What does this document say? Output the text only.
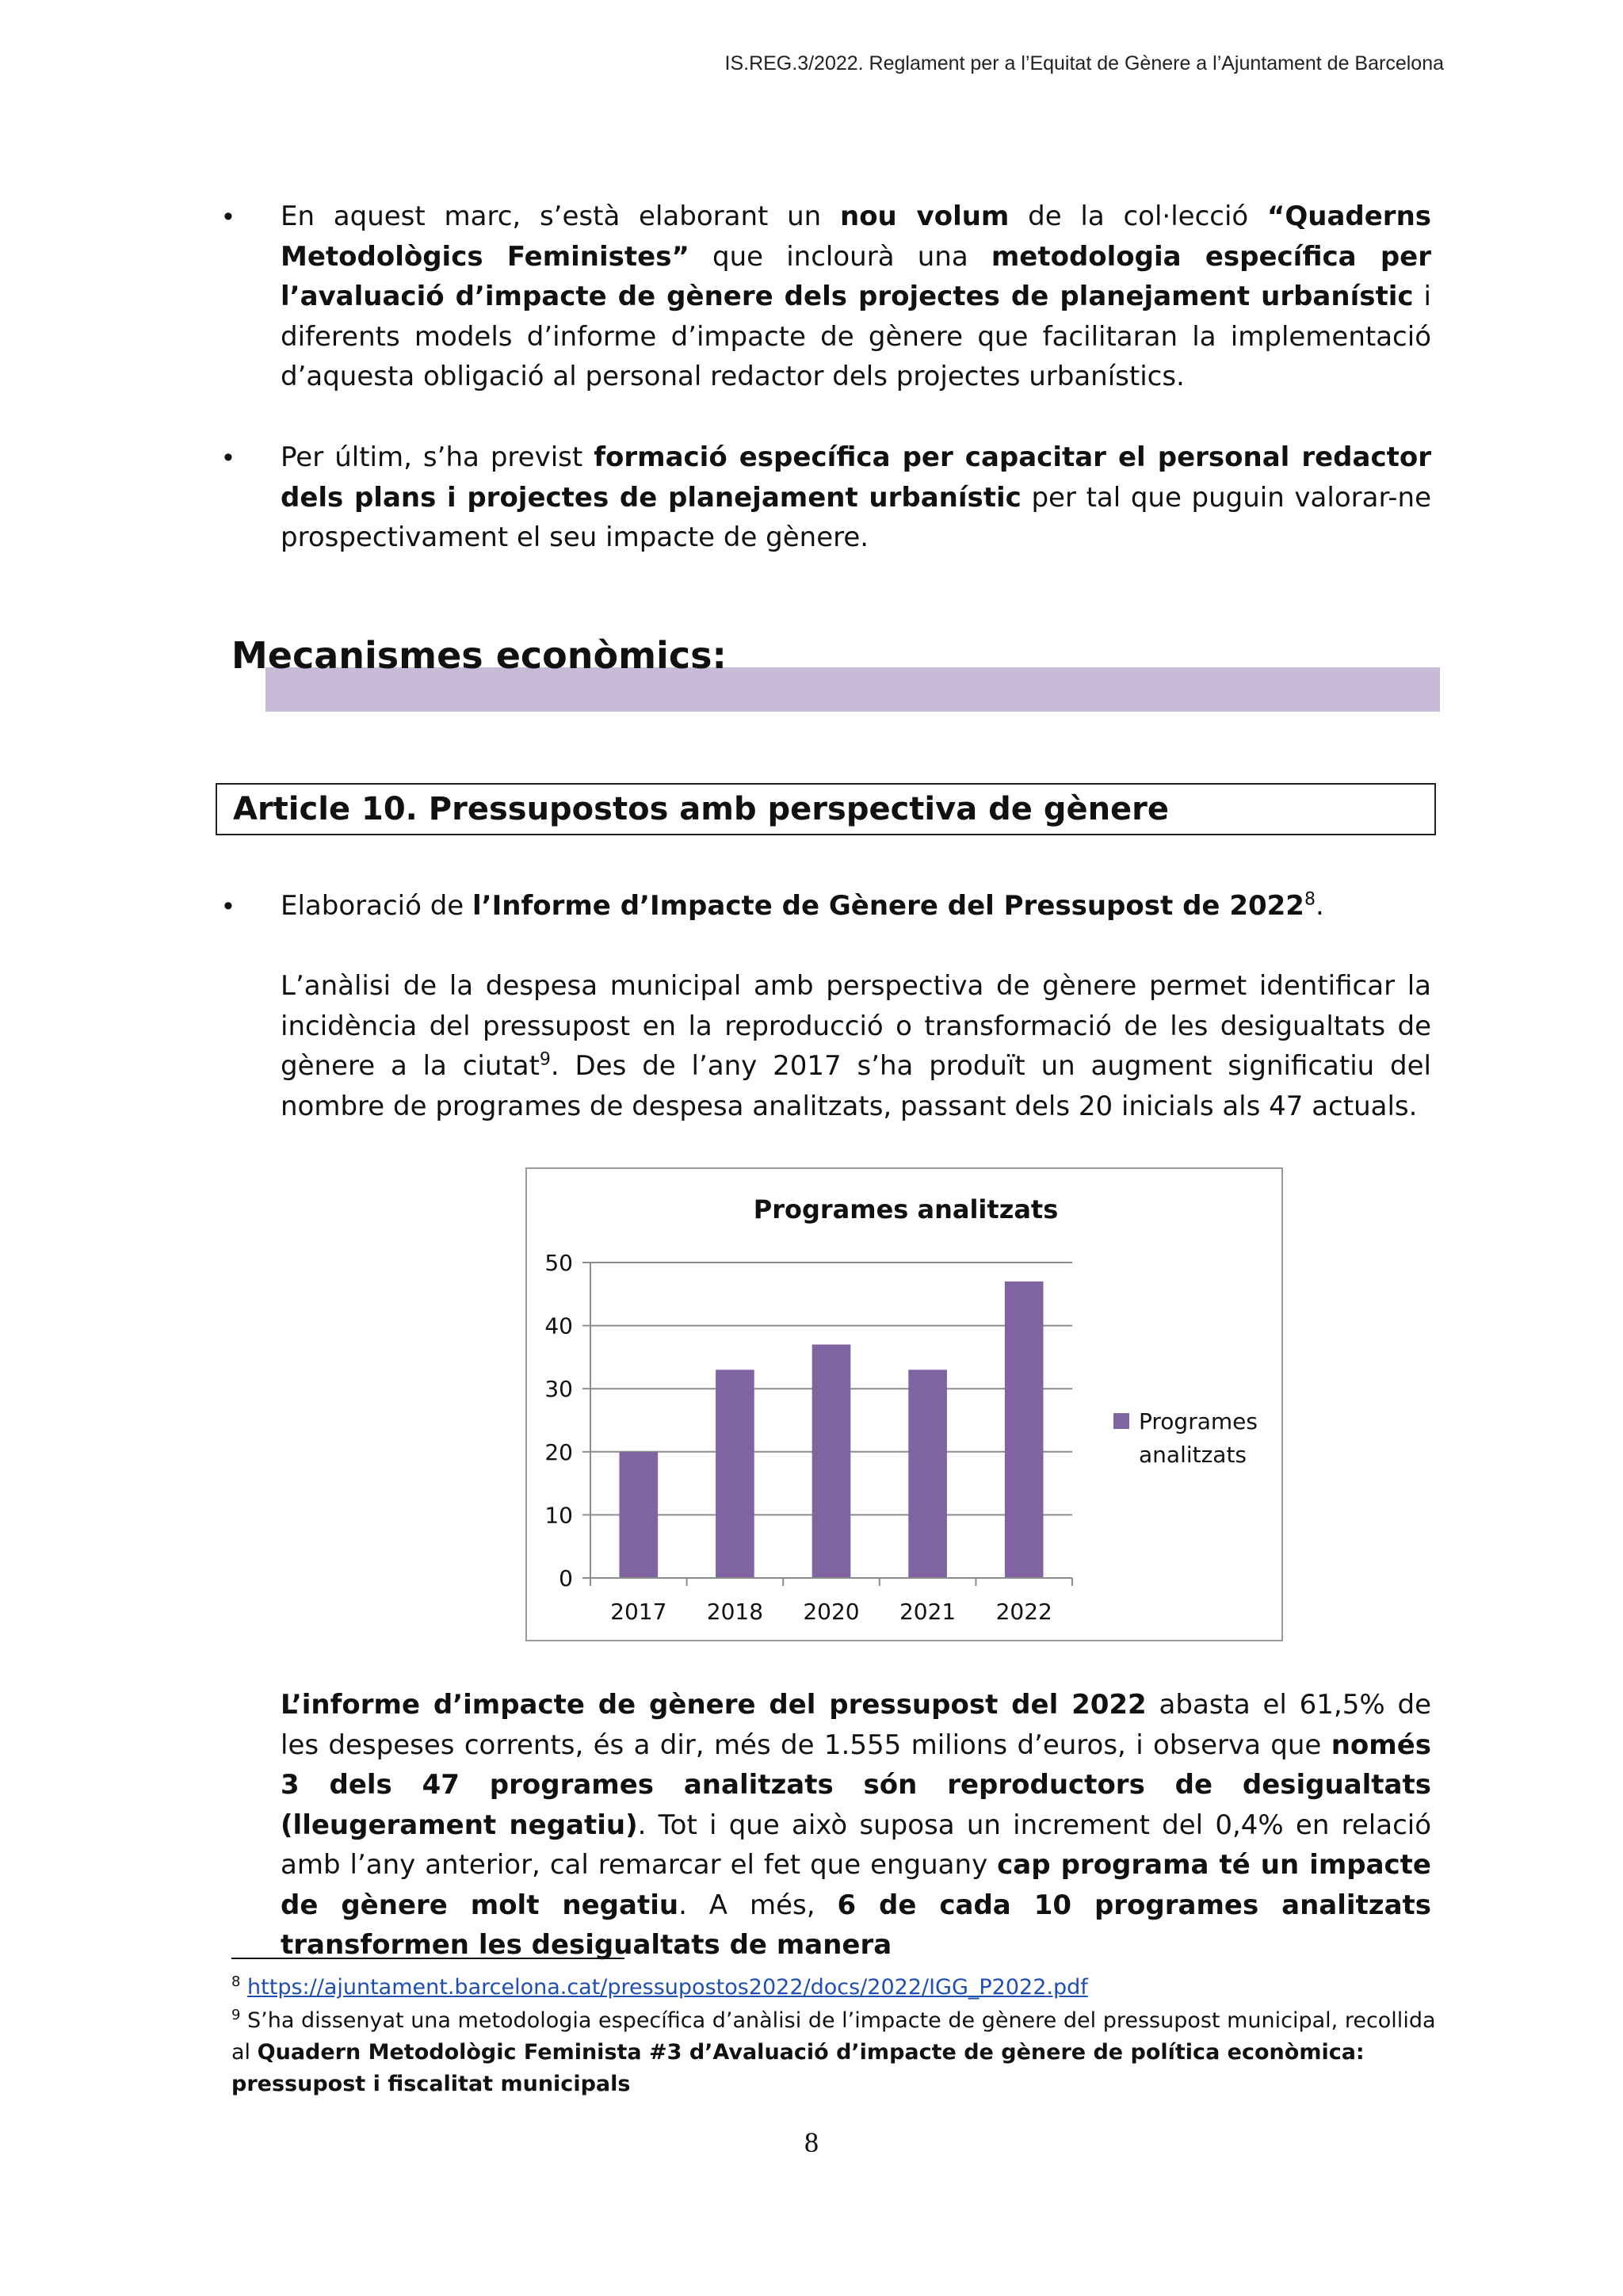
IS.REG.3/2022. Reglament per a l’Equitat de Gènere a l’Ajuntament de Barcelona
• En aquest marc, s’està elaborant un nou volum de la col·lecció “Quaderns Metodològics Feministes” que inclourà una metodologia específica per l’avaluació d’impacte de gènere dels projectes de planejament urbanístic i diferents models d’informe d’impacte de gènere que facilitaran la implementació d’aquesta obligació al personal redactor dels projectes urbanístics.
• Per últim, s’ha previst formació específica per capacitar el personal redactor dels plans i projectes de planejament urbanístic per tal que puguin valorar-ne prospectivament el seu impacte de gènere.
Mecanismes econòmics:
Article 10. Pressupostos amb perspectiva de gènere
• Elaboració de l’Informe d’Impacte de Gènere del Pressupost de 2022$^8$.
L’anàlisi de la despesa municipal amb perspectiva de gènere permet identificar la incidència del pressupost en la reproducció o transformació de les desigualtats de gènere a la ciutat$^9$. Des de l’any 2017 s’ha produït un augment significatiu del nombre de programes de despesa analitzats, passant dels 20 inicials als 47 actuals.
Programes analitzats
0
10
20
30
40
50
2017 2018 2020 2021 2022
Programes
analitzats
L’informe d’impacte de gènere del pressupost del 2022 abasta el 61,5% de les despeses corrents, és a dir, més de 1.555 milions d’euros, i observa que només 3 dels 47 programes analitzats són reproductors de desigualtats (lleugerament negatiu). Tot i que això suposa un increment del 0,4% en relació amb l’any anterior, cal remarcar el fet que enguany cap programa té un impacte de gènere molt negatiu. A més, 6 de cada 10 programes analitzats transformen les desigualtats de manera
$^8$ https://ajuntament.barcelona.cat/pressupostos2022/docs/2022/IGG_P2022.pdf
$^9$ S’ha dissenyat una metodologia específica d’anàlisi de l’impacte de gènere del pressupost municipal, recollida al Quadern Metodològic Feminista #3 d’Avaluació d’impacte de gènere de política econòmica: pressupost i fiscalitat municipals
8
